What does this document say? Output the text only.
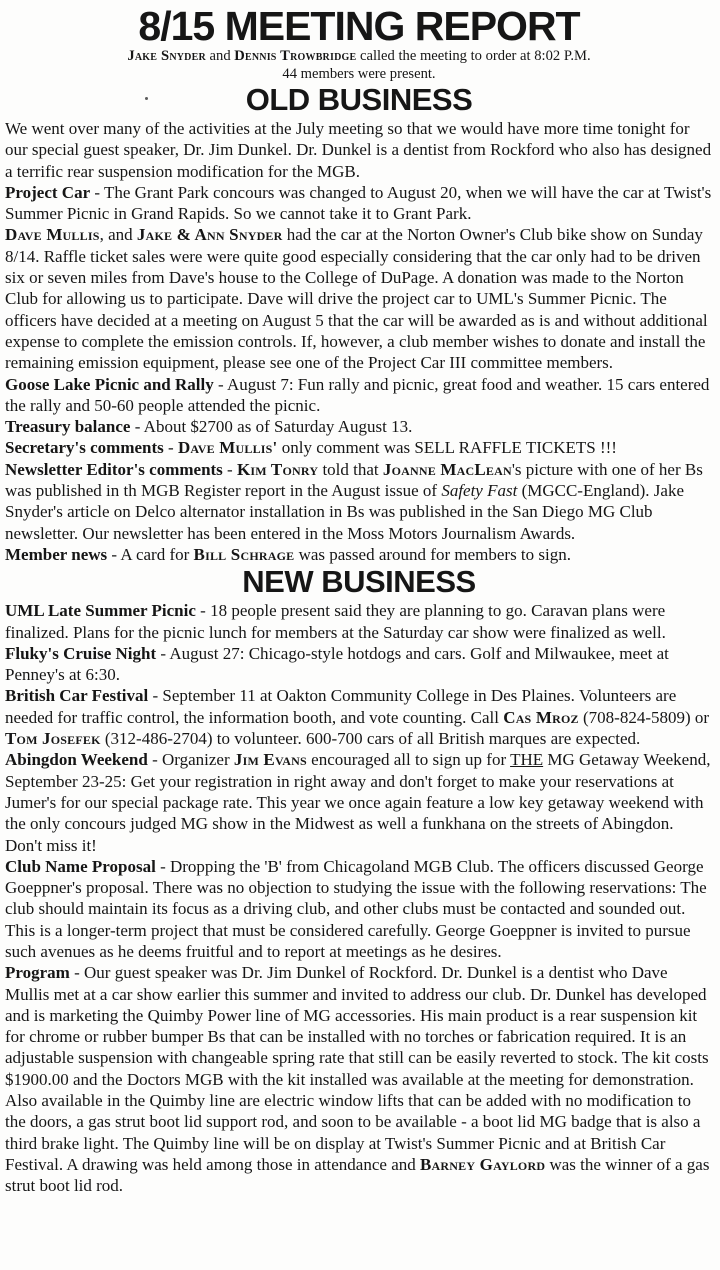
8/15 MEETING REPORT

Jake Snyder and Dennis Trowbridge called the meeting to order at 8:02 P.M.

44 members were present.

OLD BUSINESS

We went over many of the activities at the July meeting so that we would have more time tonight for our special guest speaker, Dr. Jim Dunkel. Dr. Dunkel is a dentist from Rockford who also has designed a terrific rear suspension modification for the MGB.

Project Car - The Grant Park concours was changed to August 20, when we will have the car at Twist's Summer Picnic in Grand Rapids. So we cannot take it to Grant Park.

Dave Mullis, and Jake & Ann Snyder had the car at the Norton Owner's Club bike show on Sunday 8/14. Raffle ticket sales were were quite good especially considering that the car only had to be driven six or seven miles from Dave's house to the College of DuPage. A donation was made to the Norton Club for allowing us to participate. Dave will drive the project car to UML's Summer Picnic. The officers have decided at a meeting on August 5 that the car will be awarded as is and without additional expense to complete the emission controls. If, however, a club member wishes to donate and install the remaining emission equipment, please see one of the Project Car III committee members.

Goose Lake Picnic and Rally - August 7: Fun rally and picnic, great food and weather. 15 cars entered the rally and 50-60 people attended the picnic.

Treasury balance - About $2700 as of Saturday August 13.

Secretary's comments - Dave Mullis' only comment was SELL RAFFLE TICKETS !!!

Newsletter Editor's comments - Kim Tonry told that Joanne MacLean's picture with one of her Bs was published in th MGB Register report in the August issue of Safety Fast (MGCC-England). Jake Snyder's article on Delco alternator installation in Bs was published in the San Diego MG Club newsletter. Our newsletter has been entered in the Moss Motors Journalism Awards.

Member news - A card for Bill Schrage was passed around for members to sign.

NEW BUSINESS

UML Late Summer Picnic - 18 people present said they are planning to go. Caravan plans were finalized. Plans for the picnic lunch for members at the Saturday car show were finalized as well.

Fluky's Cruise Night - August 27: Chicago-style hotdogs and cars. Golf and Milwaukee, meet at Penney's at 6:30.

British Car Festival - September 11 at Oakton Community College in Des Plaines. Volunteers are needed for traffic control, the information booth, and vote counting. Call Cas Mroz (708-824-5809) or Tom Josefek (312-486-2704) to volunteer. 600-700 cars of all British marques are expected.

Abingdon Weekend - Organizer Jim Evans encouraged all to sign up for THE MG Getaway Weekend, September 23-25: Get your registration in right away and don't forget to make your reservations at Jumer's for our special package rate. This year we once again feature a low key getaway weekend with the only concours judged MG show in the Midwest as well a funkhana on the streets of Abingdon. Don't miss it!

Club Name Proposal - Dropping the 'B' from Chicagoland MGB Club. The officers discussed George Goeppner's proposal. There was no objection to studying the issue with the following reservations: The club should maintain its focus as a driving club, and other clubs must be contacted and sounded out. This is a longer-term project that must be considered carefully. George Goeppner is invited to pursue such avenues as he deems fruitful and to report at meetings as he desires.

Program - Our guest speaker was Dr. Jim Dunkel of Rockford. Dr. Dunkel is a dentist who Dave Mullis met at a car show earlier this summer and invited to address our club. Dr. Dunkel has developed and is marketing the Quimby Power line of MG accessories. His main product is a rear suspension kit for chrome or rubber bumper Bs that can be installed with no torches or fabrication required. It is an adjustable suspension with changeable spring rate that still can be easily reverted to stock. The kit costs $1900.00 and the Doctors MGB with the kit installed was available at the meeting for demonstration. Also available in the Quimby line are electric window lifts that can be added with no modification to the doors, a gas strut boot lid support rod, and soon to be available - a boot lid MG badge that is also a third brake light. The Quimby line will be on display at Twist's Summer Picnic and at British Car Festival. A drawing was held among those in attendance and Barney Gaylord was the winner of a gas strut boot lid rod.
